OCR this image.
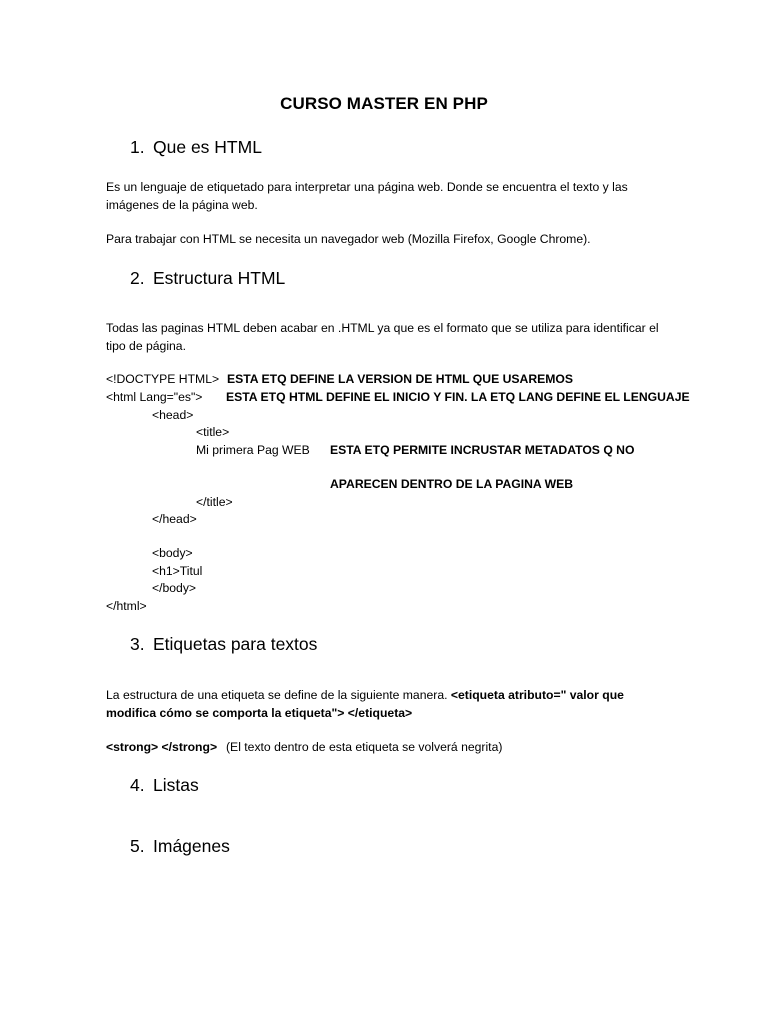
CURSO MASTER EN PHP
1. Que es HTML
Es un lenguaje de etiquetado para interpretar una página web. Donde se encuentra el texto y las imágenes de la página web.
Para trabajar con HTML se necesita un navegador web (Mozilla Firefox, Google Chrome).
2. Estructura HTML
Todas las paginas HTML deben acabar en .HTML ya que es el formato que se utiliza para identificar el tipo de página.
<!DOCTYPE HTML> ESTA ETQ DEFINE LA VERSION DE HTML QUE USAREMOS
<html Lang="es"> ESTA ETQ HTML DEFINE EL INICIO Y FIN. LA ETQ LANG DEFINE EL LENGUAJE
<head>
<title>
Mi primera Pag WEB ESTA ETQ PERMITE INCRUSTAR METADATOS Q NO
APARECEN DENTRO DE LA PAGINA WEB
</title>
</head>
<body>
<h1>Titul
</body>
</html>
3. Etiquetas para textos
La estructura de una etiqueta se define de la siguiente manera. <etiqueta atributo=" valor que modifica cómo se comporta la etiqueta"> </etiqueta>
<strong> </strong> (El texto dentro de esta etiqueta se volverá negrita)
4. Listas
5. Imágenes
